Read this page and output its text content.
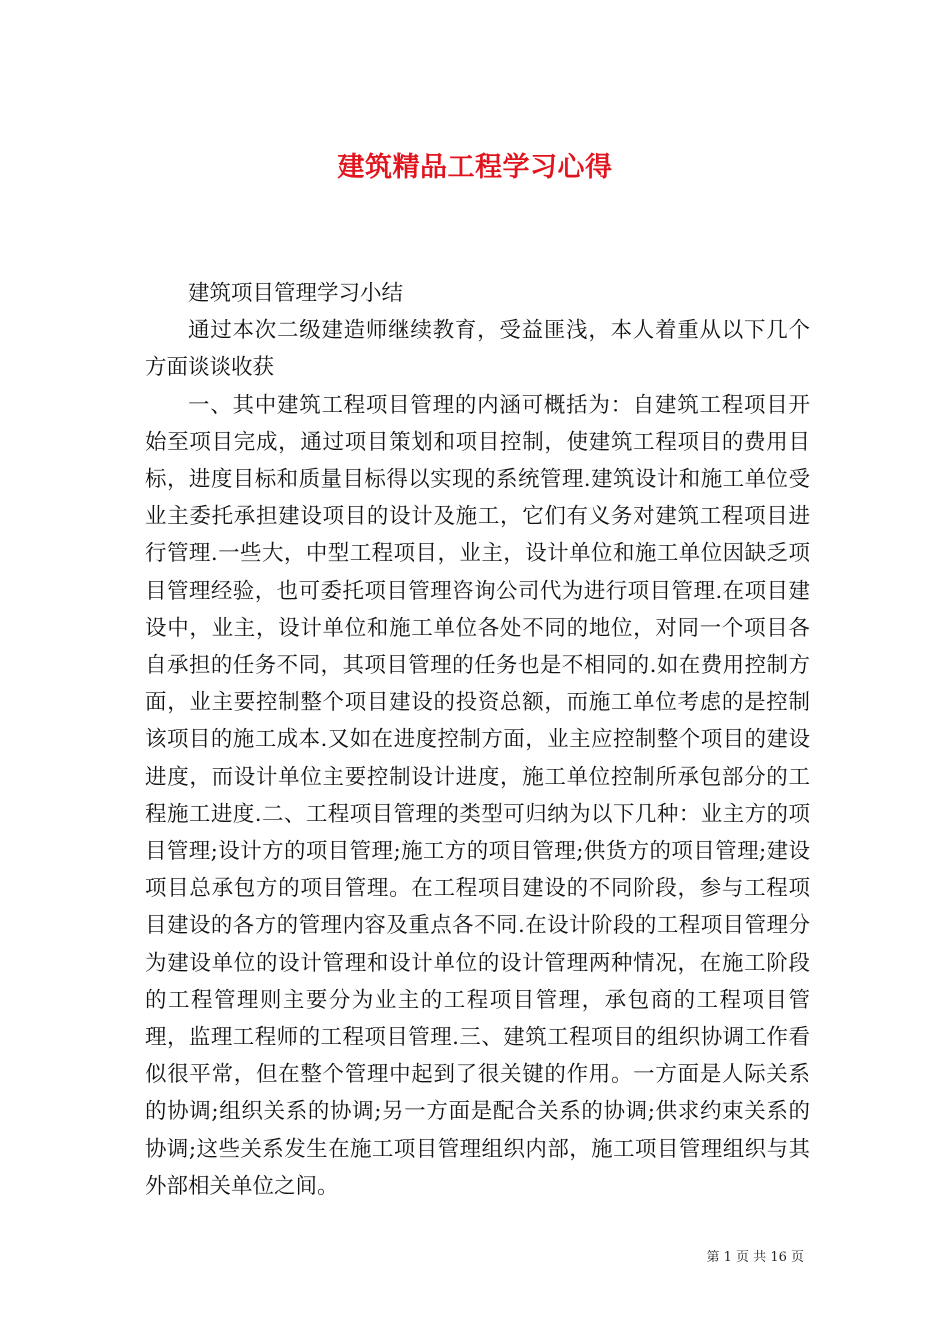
建筑精品工程学习心得

建筑项目管理学习小结

通过本次二级建造师继续教育，受益匪浅，本人着重从以下几个方面谈谈收获

一、其中建筑工程项目管理的内涵可概括为：自建筑工程项目开始至项目完成，通过项目策划和项目控制，使建筑工程项目的费用目标，进度目标和质量目标得以实现的系统管理.建筑设计和施工单位受业主委托承担建设项目的设计及施工，它们有义务对建筑工程项目进行管理.一些大，中型工程项目，业主，设计单位和施工单位因缺乏项目管理经验，也可委托项目管理咨询公司代为进行项目管理.在项目建设中，业主，设计单位和施工单位各处不同的地位，对同一个项目各自承担的任务不同，其项目管理的任务也是不相同的.如在费用控制方面，业主要控制整个项目建设的投资总额，而施工单位考虑的是控制该项目的施工成本.又如在进度控制方面，业主应控制整个项目的建设进度，而设计单位主要控制设计进度，施工单位控制所承包部分的工程施工进度.二、工程项目管理的类型可归纳为以下几种：业主方的项目管理;设计方的项目管理;施工方的项目管理;供货方的项目管理;建设项目总承包方的项目管理。在工程项目建设的不同阶段，参与工程项目建设的各方的管理内容及重点各不同.在设计阶段的工程项目管理分为建设单位的设计管理和设计单位的设计管理两种情况，在施工阶段的工程管理则主要分为业主的工程项目管理，承包商的工程项目管理，监理工程师的工程项目管理.三、建筑工程项目的组织协调工作看似很平常，但在整个管理中起到了很关键的作用。一方面是人际关系的协调;组织关系的协调;另一方面是配合关系的协调;供求约束关系的协调;这些关系发生在施工项目管理组织内部，施工项目管理组织与其外部相关单位之间。

第 1 页 共 16 页
